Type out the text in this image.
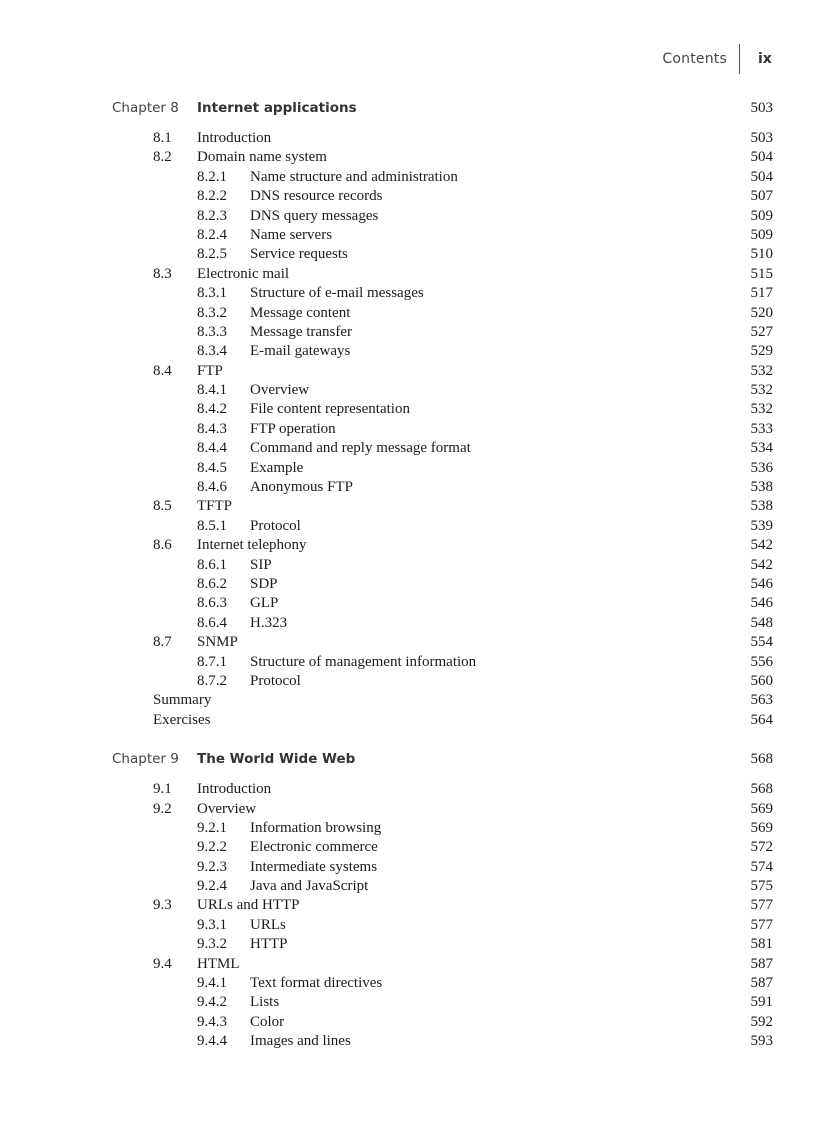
Contents ix
Chapter 8 Internet applications	503
8.1 Introduction	503
8.2 Domain name system	504
8.2.1 Name structure and administration	504
8.2.2 DNS resource records	507
8.2.3 DNS query messages	509
8.2.4 Name servers	509
8.2.5 Service requests	510
8.3 Electronic mail	515
8.3.1 Structure of e-mail messages	517
8.3.2 Message content	520
8.3.3 Message transfer	527
8.3.4 E-mail gateways	529
8.4 FTP	532
8.4.1 Overview	532
8.4.2 File content representation	532
8.4.3 FTP operation	533
8.4.4 Command and reply message format	534
8.4.5 Example	536
8.4.6 Anonymous FTP	538
8.5 TFTP	538
8.5.1 Protocol	539
8.6 Internet telephony	542
8.6.1 SIP	542
8.6.2 SDP	546
8.6.3 GLP	546
8.6.4 H.323	548
8.7 SNMP	554
8.7.1 Structure of management information	556
8.7.2 Protocol	560
Summary	563
Exercises	564
Chapter 9 The World Wide Web	568
9.1 Introduction	568
9.2 Overview	569
9.2.1 Information browsing	569
9.2.2 Electronic commerce	572
9.2.3 Intermediate systems	574
9.2.4 Java and JavaScript	575
9.3 URLs and HTTP	577
9.3.1 URLs	577
9.3.2 HTTP	581
9.4 HTML	587
9.4.1 Text format directives	587
9.4.2 Lists	591
9.4.3 Color	592
9.4.4 Images and lines	593
